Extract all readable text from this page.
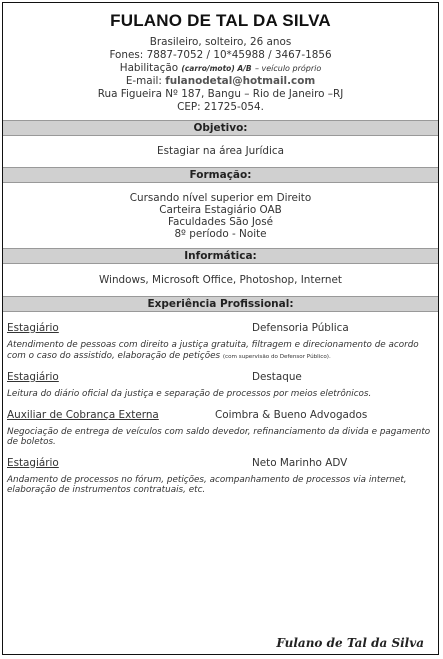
FULANO DE TAL DA SILVA
Brasileiro, solteiro, 26 anos
Fones: 7887-7052 / 10*45988 / 3467-1856
Habilitação (carro/moto) A/B – veículo próprio
E-mail: fulanodetal@hotmail.com
Rua Figueira Nº 187, Bangu – Rio de Janeiro –RJ
CEP: 21725-054.
Objetivo:
Estagiar na área Jurídica
Formação:
Cursando nível superior em Direito
Carteira Estagiário OAB
Faculdades São José
8º período - Noite
Informática:
Windows, Microsoft Office, Photoshop, Internet
Experiência Profissional:
Estagiário	Defensoria Pública
Atendimento de pessoas com direito a justiça gratuita, filtragem e direcionamento de acordo com o caso do assistido, elaboração de petições (com supervisão do Defensor Público).
Estagiário	Destaque
Leitura do diário oficial da justiça e separação de processos por meios eletrônicos.
Auxiliar de Cobrança Externa	Coimbra & Bueno Advogados
Negociação de entrega de veículos com saldo devedor, refinanciamento da divida e pagamento de boletos.
Estagiário	Neto Marinho ADV
Andamento de processos no fórum, petições, acompanhamento de processos via internet, elaboração de instrumentos contratuais, etc.
Fulano de Tal da Silva
